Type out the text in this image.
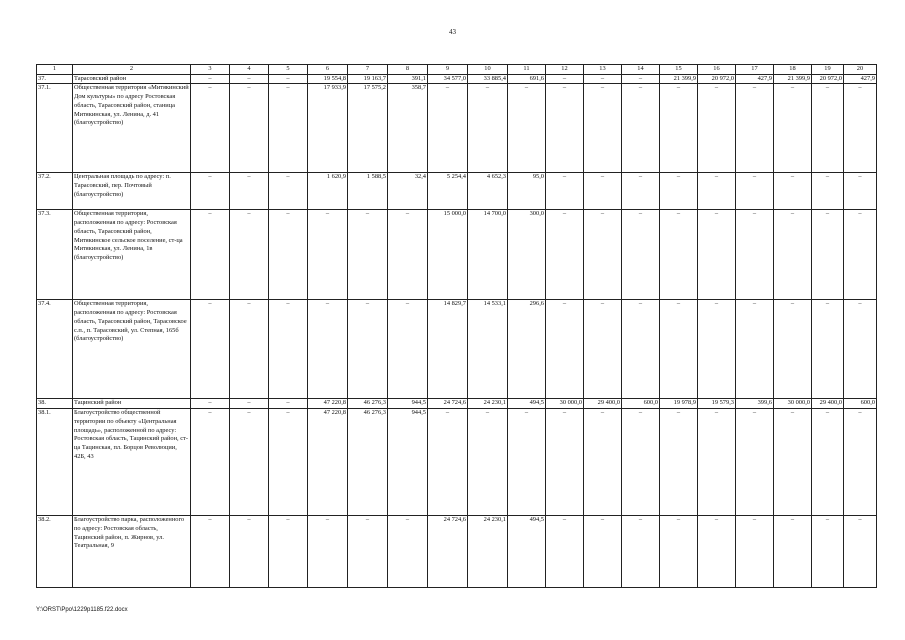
43
1	2	3	4	5	6	7	8	9	10	11	12	13	14	15	16	17	18	19	20
37.	Тарасовский район	–	–	–	19 554,8	19 163,7	391,1	34 577,0	33 885,4	691,6	–	–	–	21 399,9	20 972,0	427,9	21 399,9	20 972,0	427,9
37.1.	Общественная территория «Митякинский Дом культуры» по адресу Ростовская область, Тарасовский район, станица Митякинская, ул. Ленина, д. 41 (благоустройство)	–	–	–	17 933,9	17 575,2	358,7	–	–	–	–	–	–	–	–	–	–	–	–
37.2.	Центральная площадь по адресу: п. Тарасовский, пер. Почтовый (благоустройство)	–	–	–	1 620,9	1 588,5	32,4	5 254,4	4 652,3	95,0	–	–	–	–	–	–	–	–	–
37.3.	Общественная территория, расположенная по адресу: Ростовская область, Тарасовский район, Митякинское сельское поселение, ст-ца Митякинская, ул. Ленина, 1в (благоустройство)	–	–	–	–	–	–	15 000,0	14 700,0	300,0	–	–	–	–	–	–	–	–	–
37.4.	Общественная территория, расположенная по адресу: Ростовская область, Тарасовский район, Тарасовское с.п., п. Тарасовский, ул. Степная, 165б (благоустройство)	–	–	–	–	–	–	14 829,7	14 533,1	296,6	–	–	–	–	–	–	–	–	–
38.	Тацинский район	–	–	–	47 220,8	46 276,3	944,5	24 724,6	24 230,1	494,5	30 000,0	29 400,0	600,0	19 978,9	19 579,3	399,6	30 000,0	29 400,0	600,0
38.1.	Благоустройство общественной территории по объекту «Центральная площадь», расположенной по адресу: Ростовская область, Тацинский район, ст-ца Тацинская, пл. Борцов Революции, 42Б, 43	–	–	–	47 220,8	46 276,3	944,5	–	–	–	–	–	–	–	–	–	–	–	–
38.2.	Благоустройство парка, расположенного по адресу: Ростовская область, Тацинский район, п. Жирнов, ул. Театральная, 9	–	–	–	–	–	–	24 724,6	24 230,1	494,5	–	–	–	–	–	–	–	–	–
Y:\ORST\Ppo\1229p1185.f22.docx
